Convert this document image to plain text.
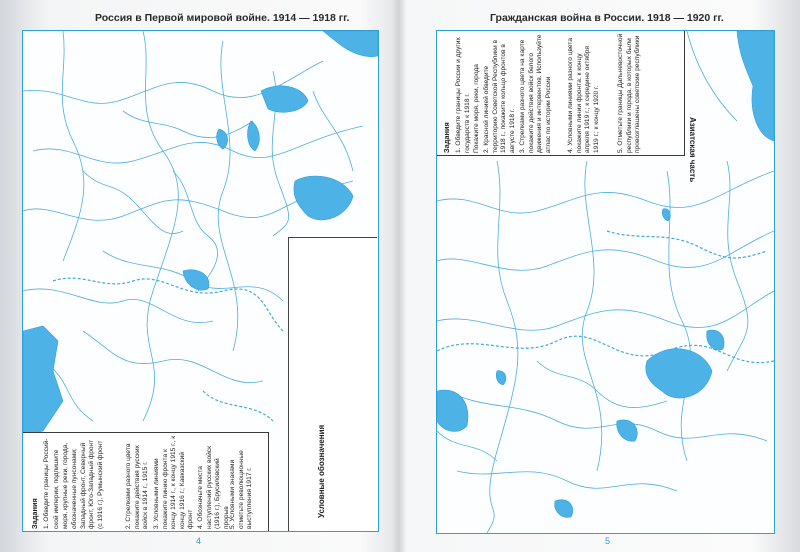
Россия в Первой мировой войне. 1914 — 1918 гг.
Условные обозначения
Задания 1. Обведите границы Россий- ской империи, подпишите моря, крупные реки, города, обозначенные пунсонами; Западный фронт, Северный фронт, Юго-Западный фронт (с 1916 г.), Румынский фронт	2. Стрелками разного цвета покажите действия русских войск в 1914 г., 1915 г. 3. Условными линиями покажите линию фронта к концу 1914 г., к концу 1915 г., к концу 1916 г.; Кавказский фронт 4. Обозначьте места наступлений русских войск (1916 г.), Брусиловский прорыв 5. Условными знаками отметьте революционные выступления 1917 г.
4
Гражданская война в России. 1918 — 1920 гг.
Задания 1. Обведите границы России и других государств к 1918 г. Покажите моря, реки, города 2. Красной линией обведите территорию Советской Республики в 1918 г., покажите кольцо фронтов в августе 1918 г. 3. Стрелками разного цвета на карте покажите действия войск белого движения и интервентов. Используйте атлас по истории России 4. Условными линиями разного цвета покажите линии фронта: к концу апреля 1919 г.; к середине октября 1919 г.; к концу 1920 г.	5. Отметьте границы Дальневосточной республики и города, в которых были провозглашены советские республики	Азиатская часть
5
